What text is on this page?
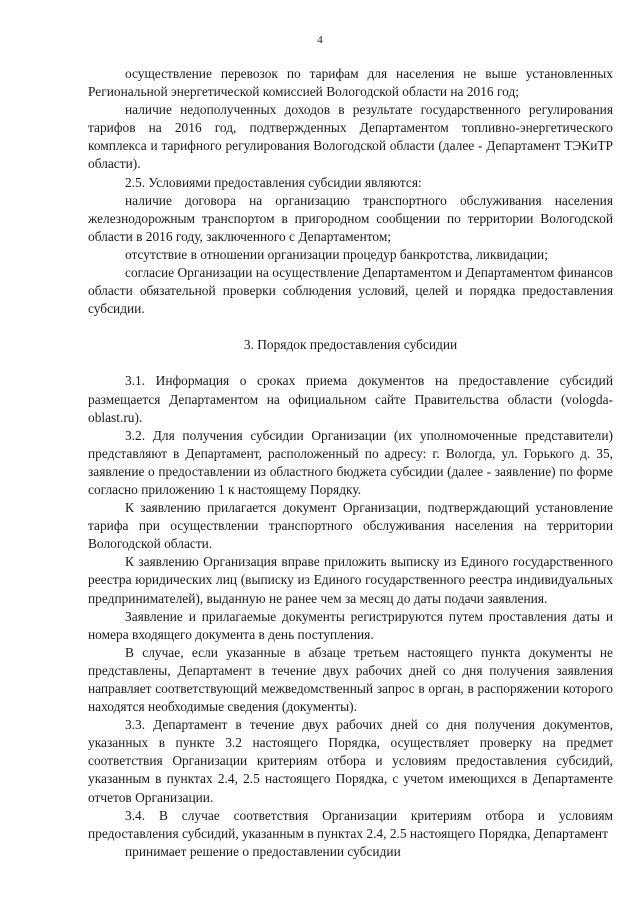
4

осуществление перевозок по тарифам для населения не выше установленных Региональной энергетической комиссией Вологодской области на 2016 год;

наличие недополученных доходов в результате государственного регулирования тарифов на 2016 год, подтвержденных Департаментом топливно-энергетического комплекса и тарифного регулирования Вологодской области (далее - Департамент ТЭКиТР области).

2.5. Условиями предоставления субсидии являются:

наличие договора на организацию транспортного обслуживания населения железнодорожным транспортом в пригородном сообщении по территории Вологодской области в 2016 году, заключенного с Департаментом;

отсутствие в отношении организации процедур банкротства, ликвидации;

согласие Организации на осуществление Департаментом и Департаментом финансов области обязательной проверки соблюдения условий, целей и порядка предоставления субсидии.

3. Порядок предоставления субсидии

3.1. Информация о сроках приема документов на предоставление субсидий размещается Департаментом на официальном сайте Правительства области (vologda-oblast.ru).

3.2. Для получения субсидии Организации (их уполномоченные представители) представляют в Департамент, расположенный по адресу: г. Вологда, ул. Горького д. 35, заявление о предоставлении из областного бюджета субсидии (далее - заявление) по форме согласно приложению 1 к настоящему Порядку.

К заявлению прилагается документ Организации, подтверждающий установление тарифа при осуществлении транспортного обслуживания населения на территории Вологодской области.

К заявлению Организация вправе приложить выписку из Единого государственного реестра юридических лиц (выписку из Единого государственного реестра индивидуальных предпринимателей), выданную не ранее чем за месяц до даты подачи заявления.

Заявление и прилагаемые документы регистрируются путем проставления даты и номера входящего документа в день поступления.

В случае, если указанные в абзаце третьем настоящего пункта документы не представлены, Департамент в течение двух рабочих дней со дня получения заявления направляет соответствующий межведомственный запрос в орган, в распоряжении которого находятся необходимые сведения (документы).

3.3. Департамент в течение двух рабочих дней со дня получения документов, указанных в пункте 3.2 настоящего Порядка, осуществляет проверку на предмет соответствия Организации критериям отбора и условиям предоставления субсидий, указанным в пунктах 2.4, 2.5 настоящего Порядка, с учетом имеющихся в Департаменте отчетов Организации.

3.4. В случае соответствия Организации критериям отбора и условиям предоставления субсидий, указанным в пунктах 2.4, 2.5 настоящего Порядка, Департамент

принимает решение о предоставлении субсидии
